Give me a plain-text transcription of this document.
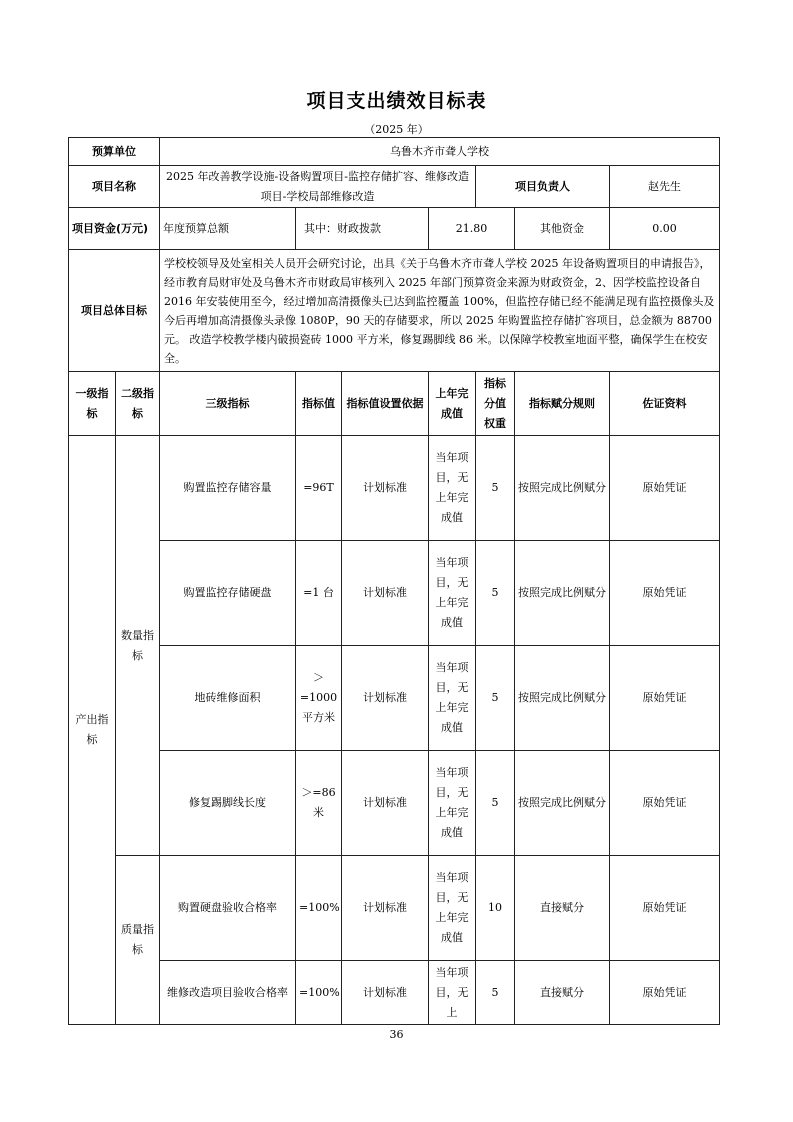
项目支出绩效目标表
（2025 年）
预算单位		乌鲁木齐市聋人学校						
项目名称		2025 年改善教学设施-设备购置项目-监控存储扩容、维修改造项目-学校局部维修改造				项目负责人		赵先生
项目资金(万元)		年度预算总额	其中：财政拨款		21.80		其他资金	0.00
项目总体目标		学校校领导及处室相关人员开会研究讨论，出具《关于乌鲁木齐市聋人学校 2025 年设备购置项目的申请报告》，经市教育局财审处及乌鲁木齐市财政局审核列入 2025 年部门预算资金来源为财政资金，2、因学校监控设备自 2016 年安装使用至今，经过增加高清摄像头已达到监控覆盖 100%，但监控存储已经不能满足现有监控摄像头及今后再增加高清摄像头录像 1080P，90 天的存储要求，所以 2025 年购置监控存储扩容项目，总金额为 88700 元。 改造学校教学楼内破损瓷砖 1000 平方米，修复踢脚线 86 米。以保障学校教室地面平整，确保学生在校安全。						
一级指标	二级指标	三级指标	指标值	指标值设置依据	上年完成值	指标分值权重	指标赋分规则	佐证资料
产出指标	数量指标	购置监控存储容量	=96T	计划标准	当年项目，无上年完成值	5	按照完成比例赋分	原始凭证
		购置监控存储硬盘	=1 台	计划标准	当年项目，无上年完成值	5	按照完成比例赋分	原始凭证
		地砖维修面积	＞=1000 平方米	计划标准	当年项目，无上年完成值	5	按照完成比例赋分	原始凭证
		修复踢脚线长度	＞=86 米	计划标准	当年项目，无上年完成值	5	按照完成比例赋分	原始凭证
	质量指标	购置硬盘验收合格率	=100%	计划标准	当年项目，无上年完成值	10	直接赋分	原始凭证
		维修改造项目验收合格率	=100%	计划标准	当年项目，无上	5	直接赋分	原始凭证
36
